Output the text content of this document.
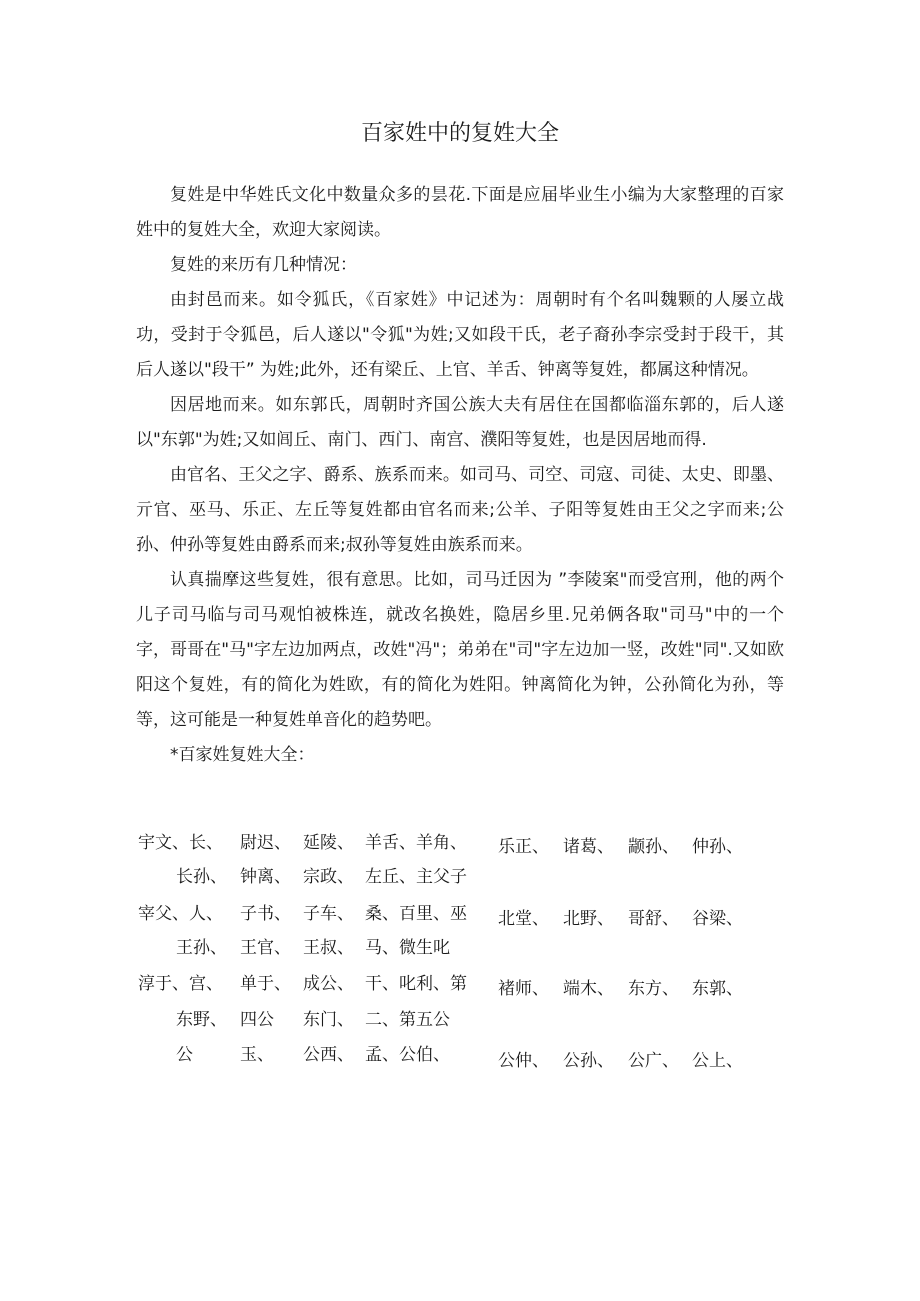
百家姓中的复姓大全

复姓是中华姓氏文化中数量众多的昙花.下面是应届毕业生小编为大家整理的百家姓中的复姓大全，欢迎大家阅读。

复姓的来历有几种情况：

由封邑而来。如令狐氏，《百家姓》中记述为：周朝时有个名叫魏颗的人屡立战功，受封于令狐邑，后人遂以"令狐"为姓;又如段干氏，老子裔孙李宗受封于段干，其后人遂以"段干” 为姓;此外，还有梁丘、上官、羊舌、钟离等复姓，都属这种情况。

因居地而来。如东郭氏，周朝时齐国公族大夫有居住在国都临淄东郭的，后人遂以"东郭"为姓;又如闾丘、南门、西门、南宫、濮阳等复姓，也是因居地而得.

由官名、王父之字、爵系、族系而来。如司马、司空、司寇、司徒、太史、即墨、亓官、巫马、乐正、左丘等复姓都由官名而来;公羊、子阳等复姓由王父之字而来;公孙、仲孙等复姓由爵系而来;叔孙等复姓由族系而来。

认真揣摩这些复姓，很有意思。比如，司马迁因为 ”李陵案"而受宫刑，他的两个儿子司马临与司马观怕被株连，就改名换姓，隐居乡里.兄弟俩各取"司马"中的一个字，哥哥在"马"字左边加两点，改姓"冯"；弟弟在"司"字左边加一竖，改姓"同".又如欧阳这个复姓，有的简化为姓欧，有的简化为姓阳。钟离简化为钟，公孙简化为孙，等等，这可能是一种复姓单音化的趋势吧。

*百家姓复姓大全：

宇文、长、 尉迟、 延陵、 羊舌、羊角、 乐正、 诸葛、 颛孙、 仲孙、
长孙、 钟离、 宗政、 左丘、主父子
宰父、人、 子书、 子车、 桑、百里、巫 北堂、 北野、 哥舒、 谷梁、
王孙、 王官、 王叔、 马、微生叱
淳于、宫、 单于、 成公、 干、叱利、第 褚师、 端木、 东方、 东郭、
东野、 四公 东门、 二、第五公
公	玉、 公西、 孟、公伯、	公仲、 公孙、 公广、 公上、
